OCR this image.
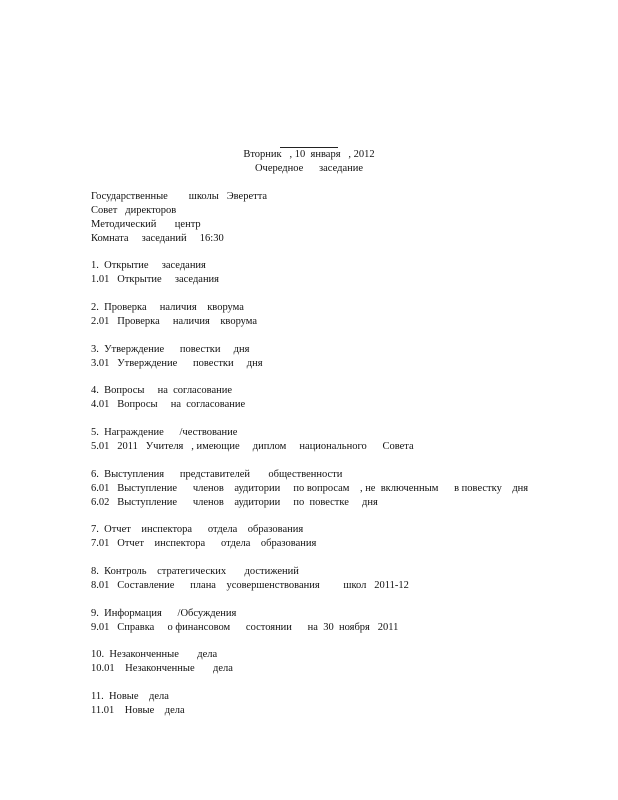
Вторник   , 10  января   , 2012
Очередное      заседание
Государственные        школы   Эверетта
Совет   директоров
Методический       центр
Комната     заседаний     16:30
1.  Открытие     заседания
1.01   Открытие     заседания
2.  Проверка     наличия    кворума
2.01   Проверка     наличия    кворума
3.  Утверждение      повестки     дня
3.01   Утверждение      повестки     дня
4.  Вопросы     на  согласование
4.01   Вопросы     на  согласование
5.  Награждение      /чествование
5.01   2011   Учителя   , имеющие     диплом     национального      Совета
6.  Выступления      представителей       общественности
6.01   Выступление      членов    аудитории     по вопросам    , не  включенным      в повестку    дня
6.02   Выступление      членов    аудитории     по  повестке     дня
7.  Отчет    инспектора      отдела    образования
7.01   Отчет    инспектора      отдела    образования
8.  Контроль    стратегических       достижений
8.01   Составление      плана    усовершенствования         школ   2011-12
9.  Информация      /Обсуждения
9.01   Справка     о финансовом      состоянии      на  30  ноября   2011
10.  Незаконченные       дела
10.01    Незаконченные       дела
11.  Новые    дела
11.01    Новые    дела
